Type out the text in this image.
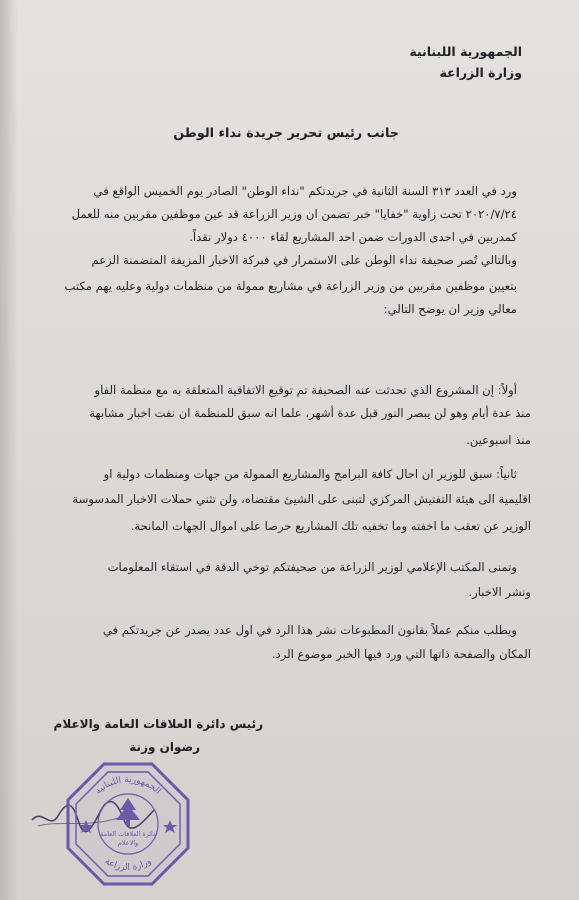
الجمهورية اللبنانية
وزارة الزراعة
جانب رئيس تحرير جريدة نداء الوطن
ورد في العدد ٣١٣ السنة الثانية في جريدتكم "نداء الوطن" الصادر يوم الخميس الواقع في
٢٠٢٠/٧/٢٤ تحت زاوية "خفايا" خبر تضمن ان وزير الزراعة قد عين موظفين مقربين منه للعمل
كمدربين في احدى الدورات ضمن احد المشاريع لقاء ٤٠٠٠ دولار نقداً.
وبالتالي تُصر صحيفة نداء الوطن على الاستمرار في فبركة الاخبار المزيفة المتضمنة الزعم
بتعيين موظفين مقربين من وزير الزراعة في مشاريع ممولة من منظمات دولية وعليه يهم مكتب
معالي وزير ان يوضح التالي:
أولاً: إن المشروع الذي تحدثت عنه الصحيفة تم توقيع الاتفاقية المتعلقة به مع منظمة الفاو
منذ عدة أيام وهو لن يبصر النور قبل عدة أشهر، علما انه سبق للمنظمة ان نفت اخبار مشابهة
منذ اسبوعين.
ثانياً: سبق للوزير ان احال كافة البرامج والمشاريع الممولة من جهات ومنظمات دولية او
اقليمية الى هيئة التفتيش المركزي لتبنى على الشيئ مقتضاه، ولن تثني حملات الاخبار المدسوسة
الوزير عن تعقب ما اخفته وما تخفيه تلك المشاريع حرصا على اموال الجهات المانحة.
وتمنى المكتب الإعلامي لوزير الزراعة من صحيفتكم توخي الدقة في استقاء المعلومات
ونشر الاخبار.
ويطلب منكم عملاً بقانون المطبوعات نشر هذا الرد في اول عدد يصدر عن جريدتكم في
المكان والصفحة ذاتها التي ورد فيها الخبر موضوع الرد.
رئيس دائرة العلاقات العامة والاعلام
رضوان وزنة
الجمهورية اللبنانية
وزارة الزراعة
دائرة العلاقات العامة
والاعلام
